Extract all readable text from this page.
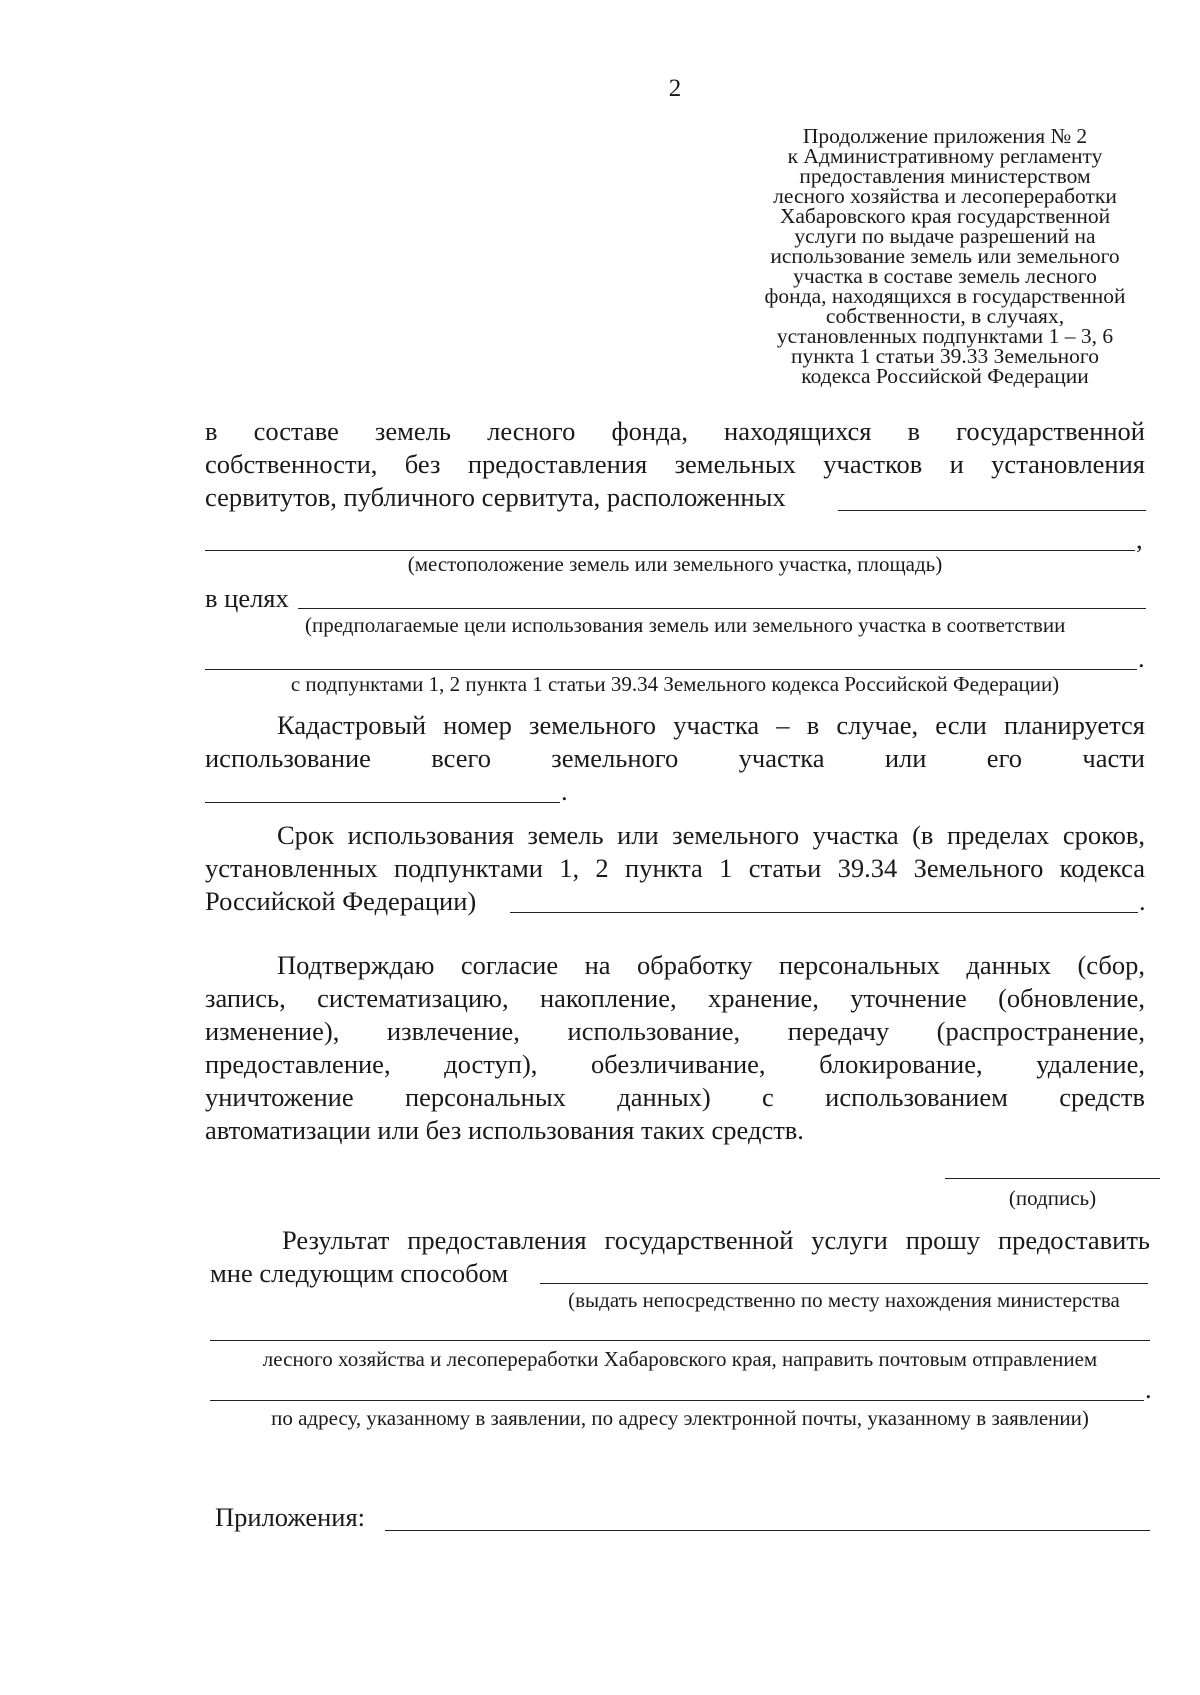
2
Продолжение приложения № 2
к Административному регламенту
предоставления министерством
лесного хозяйства и лесопереработки
Хабаровского края государственной
услуги по выдаче разрешений на
использование земель или земельного
участка в составе земель лесного
фонда, находящихся в государственной
собственности, в случаях,
установленных подпунктами 1 – 3, 6
пункта 1 статьи 39.33 Земельного
кодекса Российской Федерации
в составе земель лесного фонда, находящихся в государственной
собственности, без предоставления земельных участков и установления
сервитутов, публичного сервитута, расположенных
,
(местоположение земель или земельного участка, площадь)
в целях
(предполагаемые цели использования земель или земельного участка в соответствии
.
с подпунктами 1, 2 пункта 1 статьи 39.34 Земельного кодекса Российской Федерации)
Кадастровый номер земельного участка – в случае, если планируется
использование всего земельного участка или его части
.
Срок использования земель или земельного участка (в пределах сроков,
установленных подпунктами 1, 2 пункта 1 статьи 39.34 Земельного кодекса
Российской Федерации)	.
Подтверждаю согласие на обработку персональных данных (сбор,
запись, систематизацию, накопление, хранение, уточнение (обновление,
изменение), извлечение, использование, передачу (распространение,
предоставление, доступ), обезличивание, блокирование, удаление,
уничтожение персональных данных) с использованием средств
автоматизации или без использования таких средств.
(подпись)
Результат предоставления государственной услуги прошу предоставить
мне следующим способом
(выдать непосредственно по месту нахождения министерства
лесного хозяйства и лесопереработки Хабаровского края, направить почтовым отправлением
.
по адресу, указанному в заявлении, по адресу электронной почты, указанному в заявлении)
Приложения:
